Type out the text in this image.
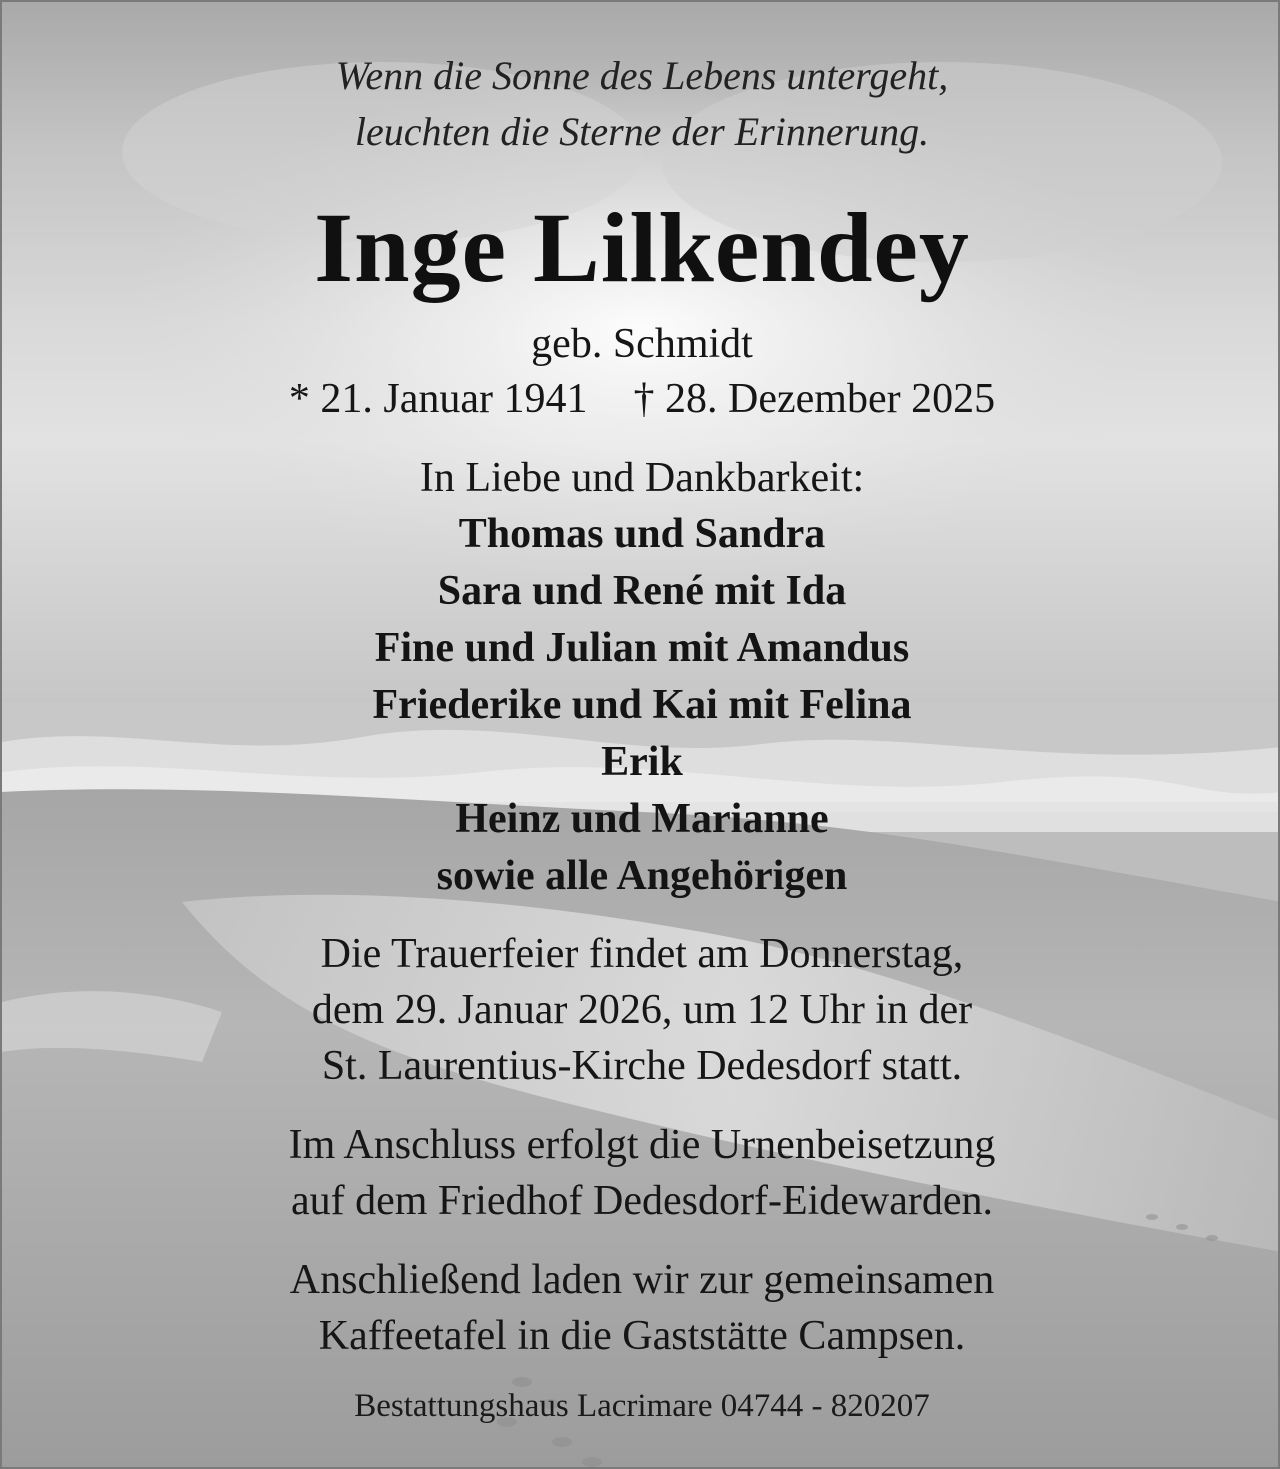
Wenn die Sonne des Lebens untergeht,
leuchten die Sterne der Erinnerung.
Inge Lilkendey
geb. Schmidt
* 21. Januar 1941 † 28. Dezember 2025
In Liebe und Dankbarkeit:
Thomas und Sandra
Sara und René mit Ida
Fine und Julian mit Amandus
Friederike und Kai mit Felina
Erik
Heinz und Marianne
sowie alle Angehörigen
Die Trauerfeier findet am Donnerstag,
dem 29. Januar 2026, um 12 Uhr in der
St. Laurentius-Kirche Dedesdorf statt.
Im Anschluss erfolgt die Urnenbeisetzung
auf dem Friedhof Dedesdorf-Eidewarden.
Anschließend laden wir zur gemeinsamen
Kaffeetafel in die Gaststätte Campsen.
Bestattungshaus Lacrimare 04744 - 820207
